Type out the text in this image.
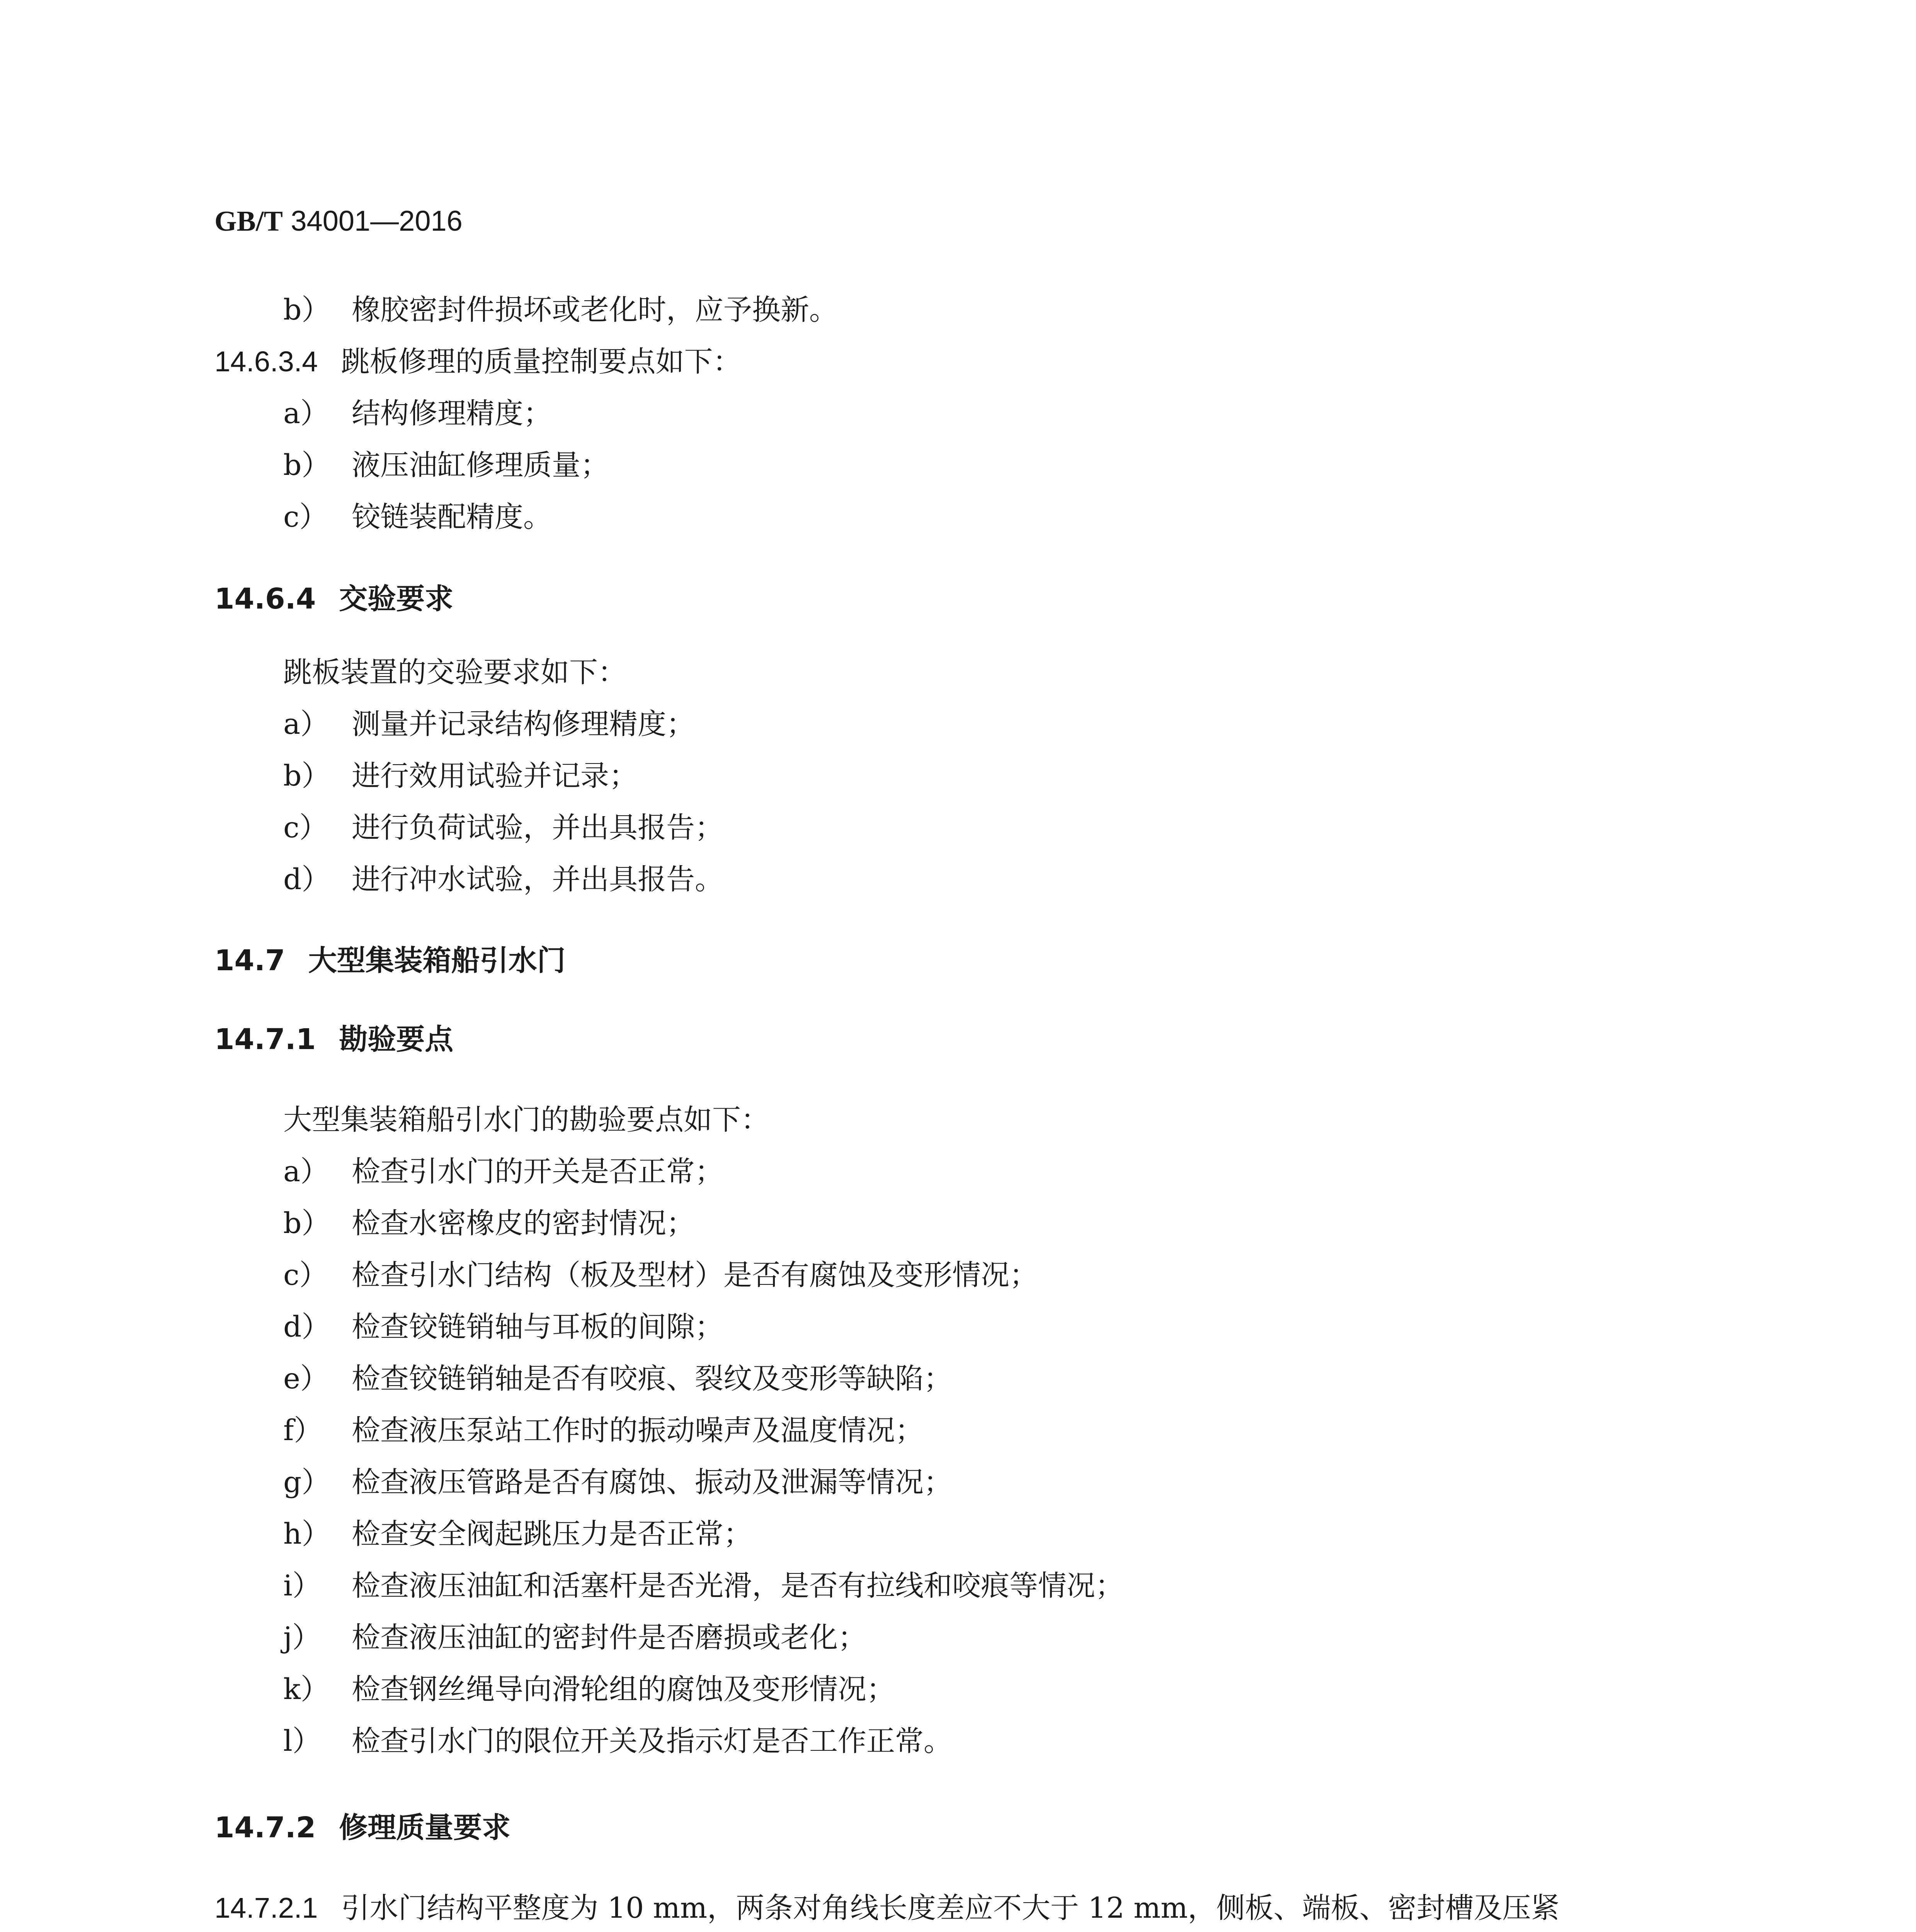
GB/T 34001—2016
b） 橡胶密封件损坏或老化时，应予换新。
14.6.3.4 跳板修理的质量控制要点如下：
a） 结构修理精度；
b） 液压油缸修理质量；
c） 铰链装配精度。
14.6.4 交验要求
跳板装置的交验要求如下：
a） 测量并记录结构修理精度；
b） 进行效用试验并记录；
c） 进行负荷试验，并出具报告；
d） 进行冲水试验，并出具报告。
14.7 大型集装箱船引水门
14.7.1 勘验要点
大型集装箱船引水门的勘验要点如下：
a） 检查引水门的开关是否正常；
b） 检查水密橡皮的密封情况；
c） 检查引水门结构（板及型材）是否有腐蚀及变形情况；
d） 检查铰链销轴与耳板的间隙；
e） 检查铰链销轴是否有咬痕、裂纹及变形等缺陷；
f） 检查液压泵站工作时的振动噪声及温度情况；
g） 检查液压管路是否有腐蚀、振动及泄漏等情况；
h） 检查安全阀起跳压力是否正常；
i） 检查液压油缸和活塞杆是否光滑，是否有拉线和咬痕等情况；
j） 检查液压油缸的密封件是否磨损或老化；
k） 检查钢丝绳导向滑轮组的腐蚀及变形情况；
l） 检查引水门的限位开关及指示灯是否工作正常。
14.7.2 修理质量要求
14.7.2.1 引水门结构平整度为 10 mm，两条对角线长度差应不大于 12 mm，侧板、端板、密封槽及压紧
